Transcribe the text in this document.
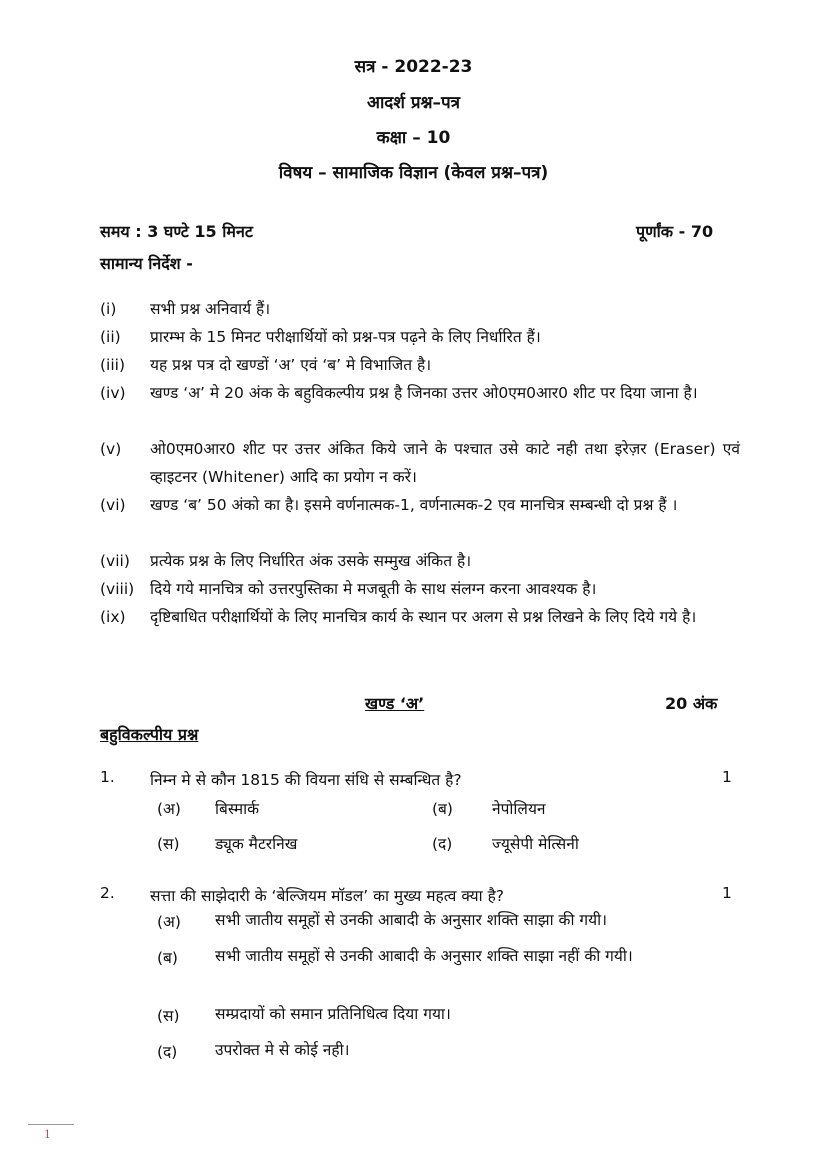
सत्र - 2022-23
आदर्श प्रश्न–पत्र
कक्षा – 10
विषय – सामाजिक विज्ञान (केवल प्रश्न–पत्र)
समय : 3 घण्टे 15 मिनट	पूर्णांक - 70
सामान्य निर्देश -
(i)	सभी प्रश्न अनिवार्य हैं।
(ii)	प्रारम्भ के 15 मिनट परीक्षार्थियों को प्रश्न-पत्र पढ़ने के लिए निर्धारित हैं।
(iii)	यह प्रश्न पत्र दो खण्डों ‘अ’ एवं ‘ब’ मे विभाजित है।
(iv)	खण्ड ‘अ’ मे 20 अंक के बहुविकल्पीय प्रश्न है जिनका उत्तर ओ0एम0आर0 शीट पर दिया जाना है।
(v)	ओ0एम0आर0 शीट पर उत्तर अंकित किये जाने के पश्चात उसे काटे नही तथा इरेज़र (Eraser) एवं व्हाइटनर (Whitener) आदि का प्रयोग न करें।
(vi)	खण्ड ‘ब’ 50 अंको का है। इसमे वर्णनात्मक-1, वर्णनात्मक-2 एव मानचित्र सम्बन्धी दो प्रश्न हैं ।
(vii)	प्रत्येक प्रश्न के लिए निर्धारित अंक उसके सम्मुख अंकित है।
(viii)	दिये गये मानचित्र को उत्तरपुस्तिका मे मजबूती के साथ संलग्न करना आवश्यक है।
(ix)	दृष्टिबाधित परीक्षार्थियों के लिए मानचित्र कार्य के स्थान पर अलग से प्रश्न लिखने के लिए दिये गये है।
खण्ड ‘अ’	20 अंक
बहुविकल्पीय प्रश्न
1. निम्न मे से कौन 1815 की वियना संधि से सम्बन्धित है?	1
(अ) बिस्मार्क	(ब)	नेपोलियन
(स) ड्यूक मैटरनिख	(द)	ज्यूसेपी मेत्सिनी
2. सत्ता की साझेदारी के ‘बेल्जियम मॉडल’ का मुख्य महत्व क्या है?	1
(अ) सभी जातीय समूहों से उनकी आबादी के अनुसार शक्ति साझा की गयी।
(ब) सभी जातीय समूहों से उनकी आबादी के अनुसार शक्ति साझा नहीं की गयी।
(स) सम्प्रदायों को समान प्रतिनिधित्व दिया गया।
(द) उपरोक्त मे से कोई नही।
1
